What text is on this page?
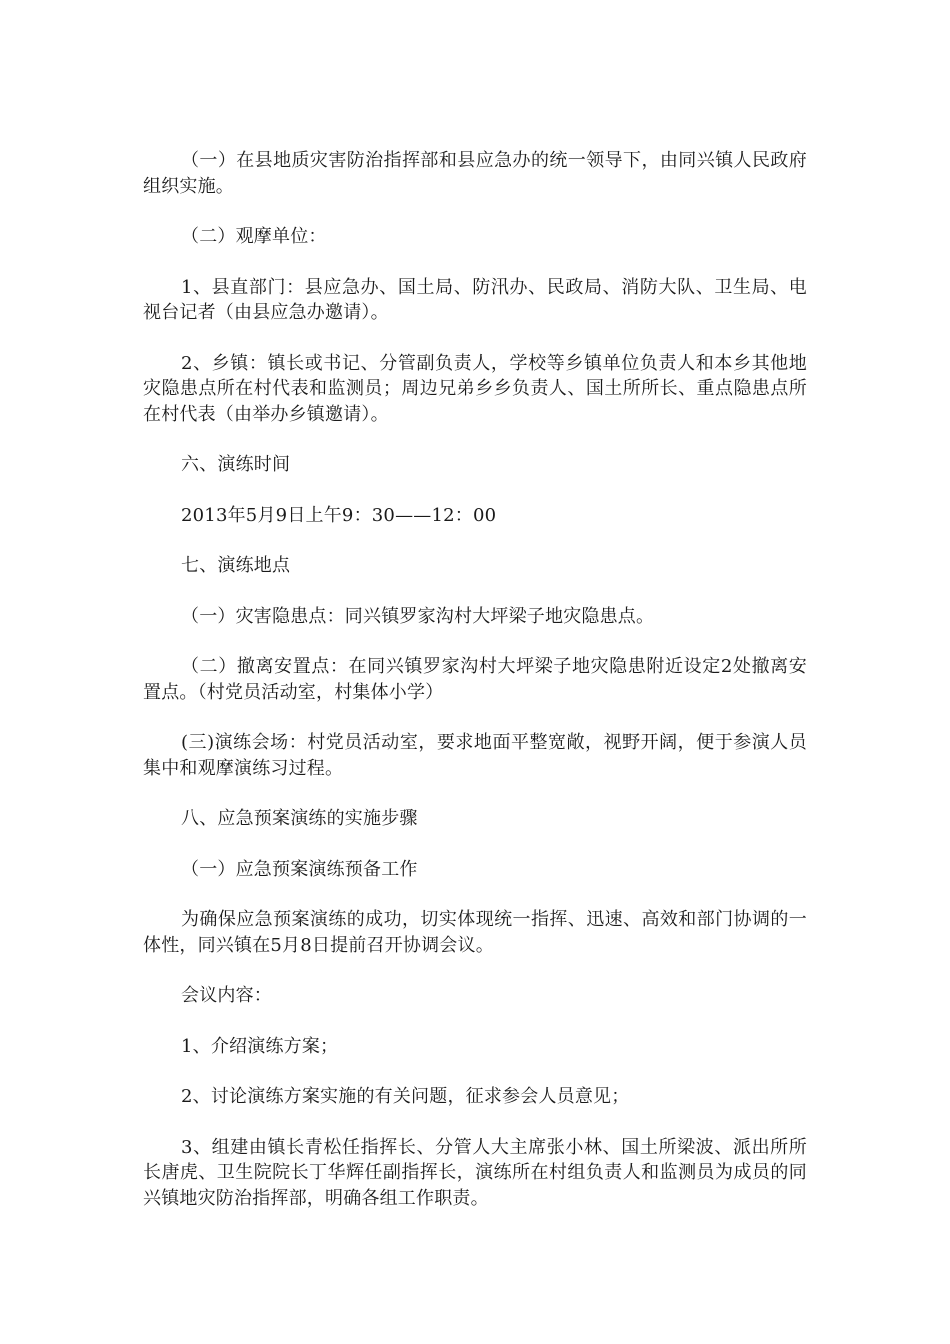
（一）在县地质灾害防治指挥部和县应急办的统一领导下，由同兴镇人民政府组织实施。

（二）观摩单位：

1、县直部门：县应急办、国土局、防汛办、民政局、消防大队、卫生局、电视台记者（由县应急办邀请）。

2、乡镇：镇长或书记、分管副负责人，学校等乡镇单位负责人和本乡其他地灾隐患点所在村代表和监测员；周边兄弟乡乡负责人、国土所所长、重点隐患点所在村代表（由举办乡镇邀请）。

六、演练时间

2013年5月9日上午9：30——12：00

七、演练地点

（一）灾害隐患点：同兴镇罗家沟村大坪梁子地灾隐患点。

（二）撤离安置点：在同兴镇罗家沟村大坪梁子地灾隐患附近设定2处撤离安置点。（村党员活动室，村集体小学）

(三)演练会场：村党员活动室，要求地面平整宽敞，视野开阔，便于参演人员集中和观摩演练习过程。

八、应急预案演练的实施步骤

（一）应急预案演练预备工作

为确保应急预案演练的成功，切实体现统一指挥、迅速、高效和部门协调的一体性，同兴镇在5月8日提前召开协调会议。

会议内容：

1、介绍演练方案；

2、讨论演练方案实施的有关问题，征求参会人员意见；

3、组建由镇长青松任指挥长、分管人大主席张小林、国土所梁波、派出所所长唐虎、卫生院院长丁华辉任副指挥长，演练所在村组负责人和监测员为成员的同兴镇地灾防治指挥部，明确各组工作职责。
